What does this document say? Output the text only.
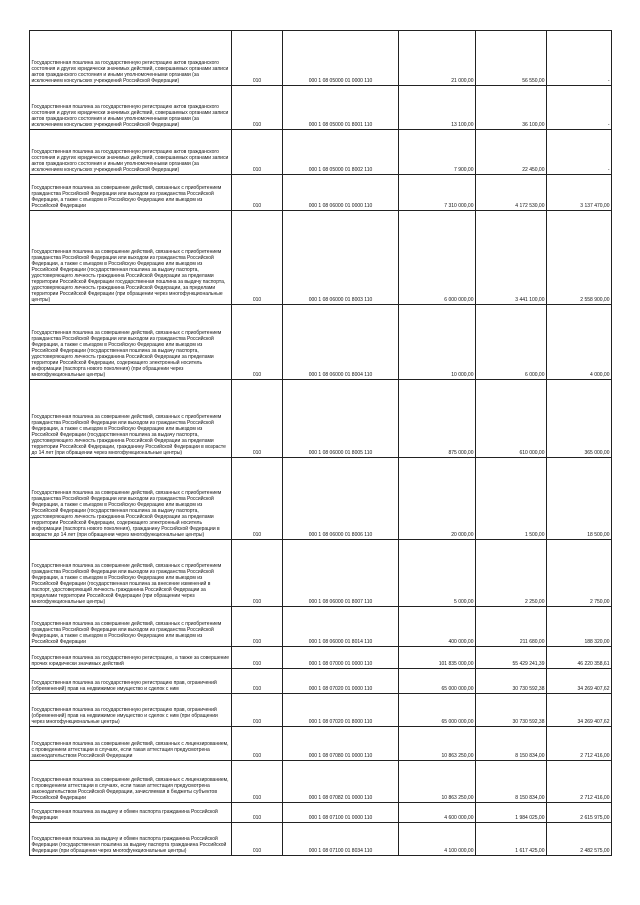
Государственная пошлина за государственную регистрацию актов гражданского состояния и других юридически значимых действий, совершаемых органами записи актов гражданского состояния и иными уполномоченными органами (за исключением консульских учреждений Российской Федерации)	010	000 1 08 05000 01 0000 110	21 000,00	56 550,00	-

Государственная пошлина за государственную регистрацию актов гражданского состояния и других юридически значимых действий, совершаемых органами записи актов гражданского состояния и иными уполномоченными органами (за исключением консульских учреждений Российской Федерации)	010	000 1 08 05000 01 8001 110	13 100,00	36 100,00	-

Государственная пошлина за государственную регистрацию актов гражданского состояния и других юридически значимых действий, совершаемых органами записи актов гражданского состояния и иными уполномоченными органами (за исключением консульских учреждений Российской Федерации)	010	000 1 08 05000 01 8002 110	7 900,00	22 450,00	-

Государственная пошлина за совершение действий, связанных с приобретением гражданства Российской Федерации или выходом из гражданства Российской Федерации, а также с въездом в Российскую Федерацию или выездом из Российской Федерации	010	000 1 08 06000 01 0000 110	7 310 000,00	4 172 530,00	3 137 470,00

Государственная пошлина за совершение действий, связанных с приобретением гражданства Российской Федерации или выходом из гражданства Российской Федерации, а также с въездом в Российскую Федерацию или выездом из Российской Федерации (государственная пошлина за выдачу паспорта, удостоверяющего личность гражданина Российской Федерации за пределами территории Российской Федерации государственная пошлина за выдачу паспорта, удостоверяющего личность гражданина Российской Федерации, за пределами территории Российской Федерации (при обращении через многофункциональные центры)	010	000 1 08 06000 01 8003 110	6 000 000,00	3 441 100,00	2 558 900,00

Государственная пошлина за совершение действий, связанных с приобретением гражданства Российской Федерации или выходом из гражданства Российской Федерации, а также с въездом в Российскую Федерацию или выездом из Российской Федерации (государственная пошлина за выдачу паспорта, удостоверяющего личность гражданина Российской Федерации за пределами территории Российской Федерации, содержащего электронный носитель информации (паспорта нового поколения) (при обращении через многофункциональные центры)	010	000 1 08 06000 01 8004 110	10 000,00	6 000,00	4 000,00

Государственная пошлина за совершение действий, связанных с приобретением гражданства Российской Федерации или выходом из гражданства Российской Федерации, а также с въездом в Российскую Федерацию или выездом из Российской Федерации (государственная пошлина за выдачу паспорта, удостоверяющего личность гражданина Российской Федерации за пределами территории Российской Федерации, гражданину Российской Федерации в возрасте до 14 лет (при обращении через многофункциональные центры)	010	000 1 08 06000 01 8005 110	875 000,00	610 000,00	365 000,00

Государственная пошлина за совершение действий, связанных с приобретением гражданства Российской Федерации или выходом из гражданства Российской Федерации, а также с въездом в Российскую Федерацию или выездом из Российской Федерации (государственная пошлина за выдачу паспорта, удостоверяющего личность гражданина Российской Федерации за пределами территории Российской Федерации, содержащего электронный носитель информации (паспорта нового поколения), гражданину Российской Федерации в возрасте до 14 лет (при обращении через многофункциональные центры)	010	000 1 08 06000 01 8006 110	20 000,00	1 500,00	18 500,00

Государственная пошлина за совершение действий, связанных с приобретением гражданства Российской Федерации или выходом из гражданства Российской Федерации, а также с въездом в Российскую Федерацию или выездом из Российской Федерации (государственная пошлина за внесение изменений в паспорт, удостоверяющий личность гражданина Российской Федерации за пределами территории Российской Федерации (при обращении через многофункциональные центры)	010	000 1 08 06000 01 8007 110	5 000,00	2 250,00	2 750,00

Государственная пошлина за совершение действий, связанных с приобретением гражданства Российской Федерации или выходом из гражданства Российской Федерации, а также с въездом в Российскую Федерацию или выездом из Российской Федерации	010	000 1 08 06000 01 8014 110	400 000,00	211 680,00	188 320,00

Государственная пошлина за государственную регистрацию, а также за совершение прочих юридически значимых действий	010	000 1 08 07000 01 0000 110	101 835 000,00	55 429 241,39	46 220 358,61

Государственная пошлина за государственную регистрацию прав, ограничений (обременений) прав на недвижимое имущество и сделок с ним	010	000 1 08 07020 01 0000 110	65 000 000,00	30 730 592,38	34 269 407,62

Государственная пошлина за государственную регистрацию прав, ограничений (обременений) прав на недвижимое имущество и сделок с ним (при обращении через многофункциональные центры)	010	000 1 08 07020 01 8000 110	65 000 000,00	30 730 592,38	34 269 407,62

Государственная пошлина за совершение действий, связанных с лицензированием, с проведением аттестации в случаях, если такая аттестация предусмотрена законодательством Российской Федерации	010	000 1 08 07080 01 0000 110	10 863 250,00	8 150 834,00	2 712 416,00

Государственная пошлина за совершение действий, связанных с лицензированием, с проведением аттестации в случаях, если такая аттестация предусмотрена законодательством Российской Федерации, зачисляемая в бюджеты субъектов Российской Федерации	010	000 1 08 07082 01 0000 110	10 863 250,00	8 150 834,00	2 712 416,00

Государственная пошлина за выдачу и обмен паспорта гражданина Российской Федерации	010	000 1 08 07100 01 0000 110	4 600 000,00	1 984 025,00	2 615 975,00

Государственная пошлина за выдачу и обмен паспорта гражданина Российской Федерации (государственная пошлина за выдачу паспорта гражданина Российской Федерации (при обращении через многофункциональные центры)	010	000 1 08 07100 01 8034 110	4 100 000,00	1 617 425,00	2 482 575,00
